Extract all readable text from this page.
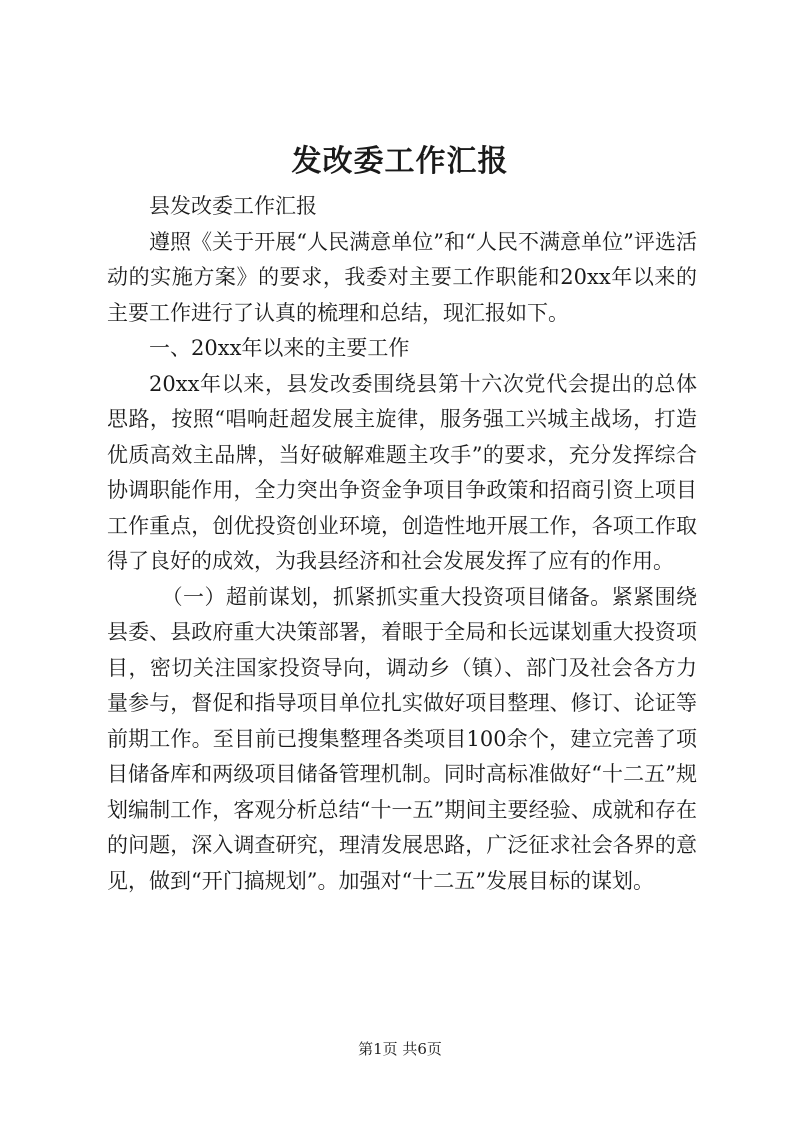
发改委工作汇报

县发改委工作汇报

遵照《关于开展“人民满意单位”和“人民不满意单位”评选活动的实施方案》的要求，我委对主要工作职能和20xx年以来的主要工作进行了认真的梳理和总结，现汇报如下。

一、20xx年以来的主要工作

20xx年以来，县发改委围绕县第十六次党代会提出的总体思路，按照“唱响赶超发展主旋律，服务强工兴城主战场，打造优质高效主品牌，当好破解难题主攻手”的要求，充分发挥综合协调职能作用，全力突出争资金争项目争政策和招商引资上项目工作重点，创优投资创业环境，创造性地开展工作，各项工作取得了良好的成效，为我县经济和社会发展发挥了应有的作用。

（一）超前谋划，抓紧抓实重大投资项目储备。紧紧围绕县委、县政府重大决策部署，着眼于全局和长远谋划重大投资项目，密切关注国家投资导向，调动乡（镇）、部门及社会各方力量参与，督促和指导项目单位扎实做好项目整理、修订、论证等前期工作。至目前已搜集整理各类项目100余个，建立完善了项目储备库和两级项目储备管理机制。同时高标准做好“十二五”规划编制工作，客观分析总结“十一五”期间主要经验、成就和存在的问题，深入调查研究，理清发展思路，广泛征求社会各界的意见，做到“开门搞规划”。加强对“十二五”发展目标的谋划。

第1页 共6页
